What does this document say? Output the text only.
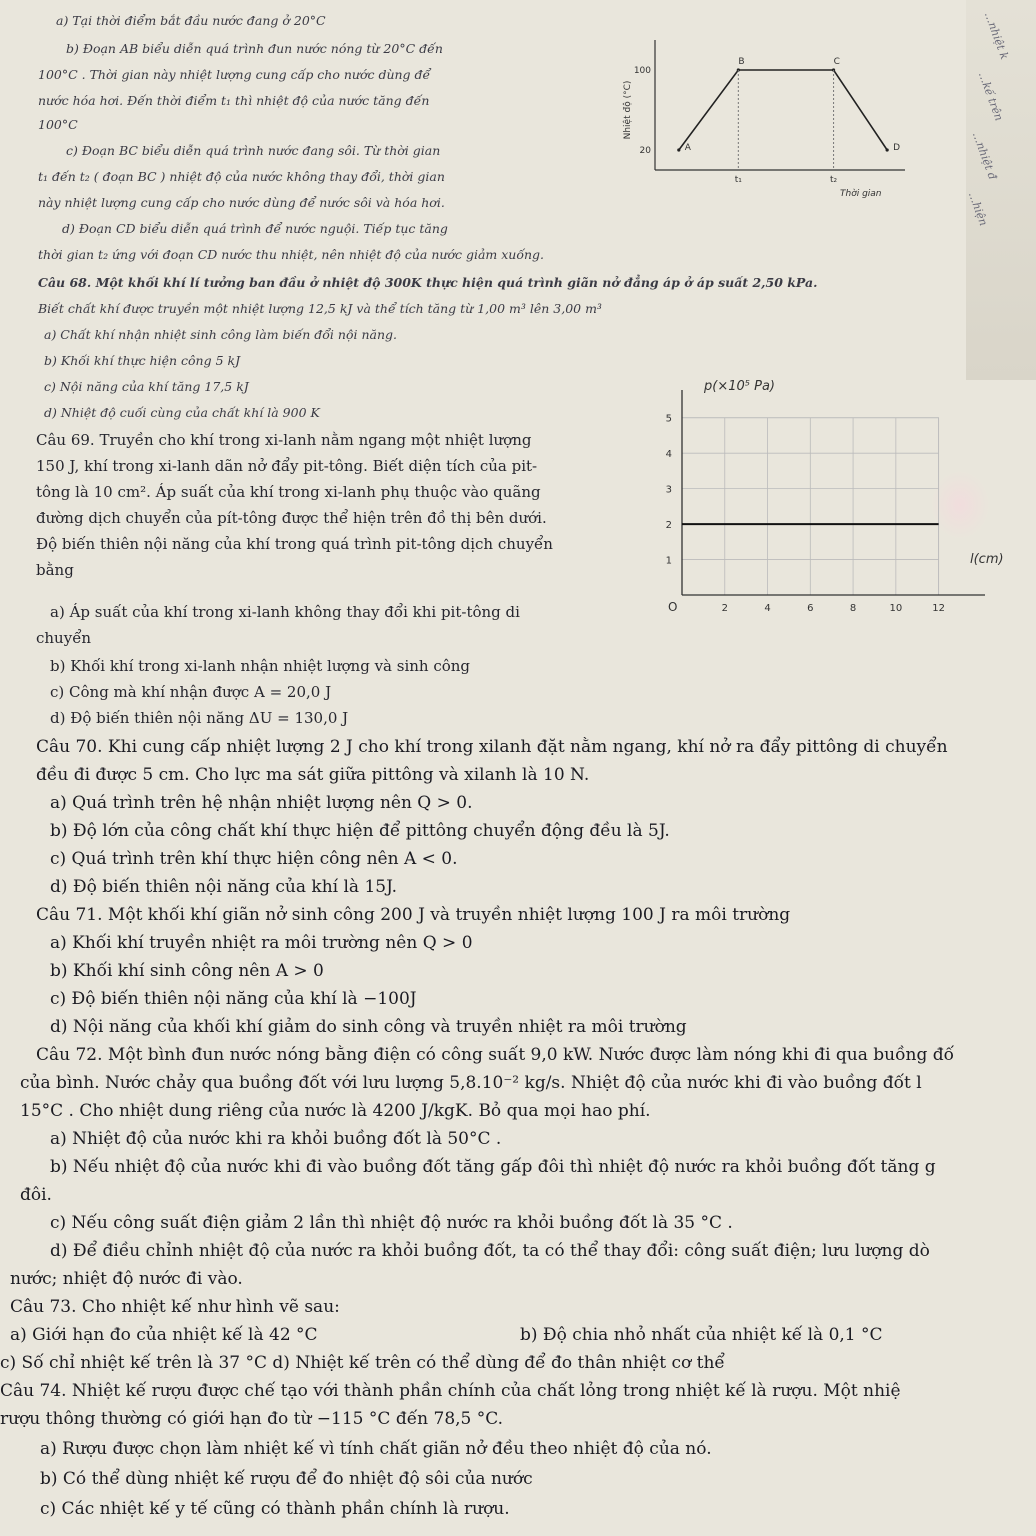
…nhiệt k
…kế trên
…nhiệt đ
…hiện
a) Tại thời điểm bắt đầu nước đang ở 20°C
b) Đoạn AB biểu diễn quá trình đun nước nóng từ 20°C đến
100°C . Thời gian này nhiệt lượng cung cấp cho nước dùng để
nước hóa hơi. Đến thời điểm t₁ thì nhiệt độ của nước tăng đến
100°C
c) Đoạn BC biểu diễn quá trình nước đang sôi. Từ thời gian
t₁ đến t₂ ( đoạn BC ) nhiệt độ của nước không thay đổi, thời gian
này nhiệt lượng cung cấp cho nước dùng để nước sôi và hóa hơi.
d) Đoạn CD biểu diễn quá trình để nước nguội. Tiếp tục tăng
thời gian t₂ ứng với đoạn CD nước thu nhiệt, nên nhiệt độ của nước giảm xuống.
Nhiệt độ (°C)
Thời gian
100
20	A
B	C
D
t₁	t₂
Câu 68. Một khối khí lí tưởng ban đầu ở nhiệt độ 300K thực hiện quá trình giãn nở đẳng áp ở áp suất 2,50 kPa.
Biết chất khí được truyền một nhiệt lượng 12,5 kJ và thể tích tăng từ 1,00 m³ lên 3,00 m³
a) Chất khí nhận nhiệt sinh công làm biến đổi nội năng.
b) Khối khí thực hiện công 5 kJ
c) Nội năng của khí tăng 17,5 kJ
d) Nhiệt độ cuối cùng của chất khí là 900 K
Câu 69. Truyền cho khí trong xi-lanh nằm ngang một nhiệt lượng
150 J, khí trong xi-lanh dãn nở đẩy pit-tông. Biết diện tích của pit-
tông là 10 cm². Áp suất của khí trong xi-lanh phụ thuộc vào quãng
đường dịch chuyển của pít-tông được thể hiện trên đồ thị bên dưới.
Độ biến thiên nội năng của khí trong quá trình pit-tông dịch chuyển
bằng
a) Áp suất của khí trong xi-lanh không thay đổi khi pit-tông di
chuyển
b) Khối khí trong xi-lanh nhận nhiệt lượng và sinh công
c) Công mà khí nhận được A = 20,0 J
d) Độ biến thiên nội năng ΔU = 130,0 J
p(×10⁵ Pa)
l(cm)
O	2	4	6	8	10	12
1
2
3
4
5
Câu 70. Khi cung cấp nhiệt lượng 2 J cho khí trong xilanh đặt nằm ngang, khí nở ra đẩy pittông di chuyển
đều đi được 5 cm. Cho lực ma sát giữa pittông và xilanh là 10 N.
a) Quá trình trên hệ nhận nhiệt lượng nên Q > 0.
b) Độ lớn của công chất khí thực hiện để pittông chuyển động đều là 5J.
c) Quá trình trên khí thực hiện công nên A < 0.
d) Độ biến thiên nội năng của khí là 15J.
Câu 71. Một khối khí giãn nở sinh công 200 J và truyền nhiệt lượng 100 J ra môi trường
a) Khối khí truyền nhiệt ra môi trường nên Q > 0
b) Khối khí sinh công nên A > 0
c) Độ biến thiên nội năng của khí là −100J
d) Nội năng của khối khí giảm do sinh công và truyền nhiệt ra môi trường
Câu 72. Một bình đun nước nóng bằng điện có công suất 9,0 kW. Nước được làm nóng khi đi qua buồng đố
của bình. Nước chảy qua buồng đốt với lưu lượng 5,8.10⁻² kg/s. Nhiệt độ của nước khi đi vào buồng đốt l
15°C . Cho nhiệt dung riêng của nước là 4200 J/kgK. Bỏ qua mọi hao phí.
a) Nhiệt độ của nước khi ra khỏi buồng đốt là 50°C .
b) Nếu nhiệt độ của nước khi đi vào buồng đốt tăng gấp đôi thì nhiệt độ nước ra khỏi buồng đốt tăng g
đôi.
c) Nếu công suất điện giảm 2 lần thì nhiệt độ nước ra khỏi buồng đốt là 35 °C .
d) Để điều chỉnh nhiệt độ của nước ra khỏi buồng đốt, ta có thể thay đổi: công suất điện; lưu lượng dò
nước; nhiệt độ nước đi vào.
Câu 73. Cho nhiệt kế như hình vẽ sau:
a) Giới hạn đo của nhiệt kế là 42 °C	b) Độ chia nhỏ nhất của nhiệt kế là 0,1 °C
c) Số chỉ nhiệt kế trên là 37 °C d) Nhiệt kế trên có thể dùng để đo thân nhiệt cơ thể
Câu 74. Nhiệt kế rượu được chế tạo với thành phần chính của chất lỏng trong nhiệt kế là rượu. Một nhiệ
rượu thông thường có giới hạn đo từ −115 °C đến 78,5 °C.
a) Rượu được chọn làm nhiệt kế vì tính chất giãn nở đều theo nhiệt độ của nó.
b) Có thể dùng nhiệt kế rượu để đo nhiệt độ sôi của nước
c) Các nhiệt kế y tế cũng có thành phần chính là rượu.
